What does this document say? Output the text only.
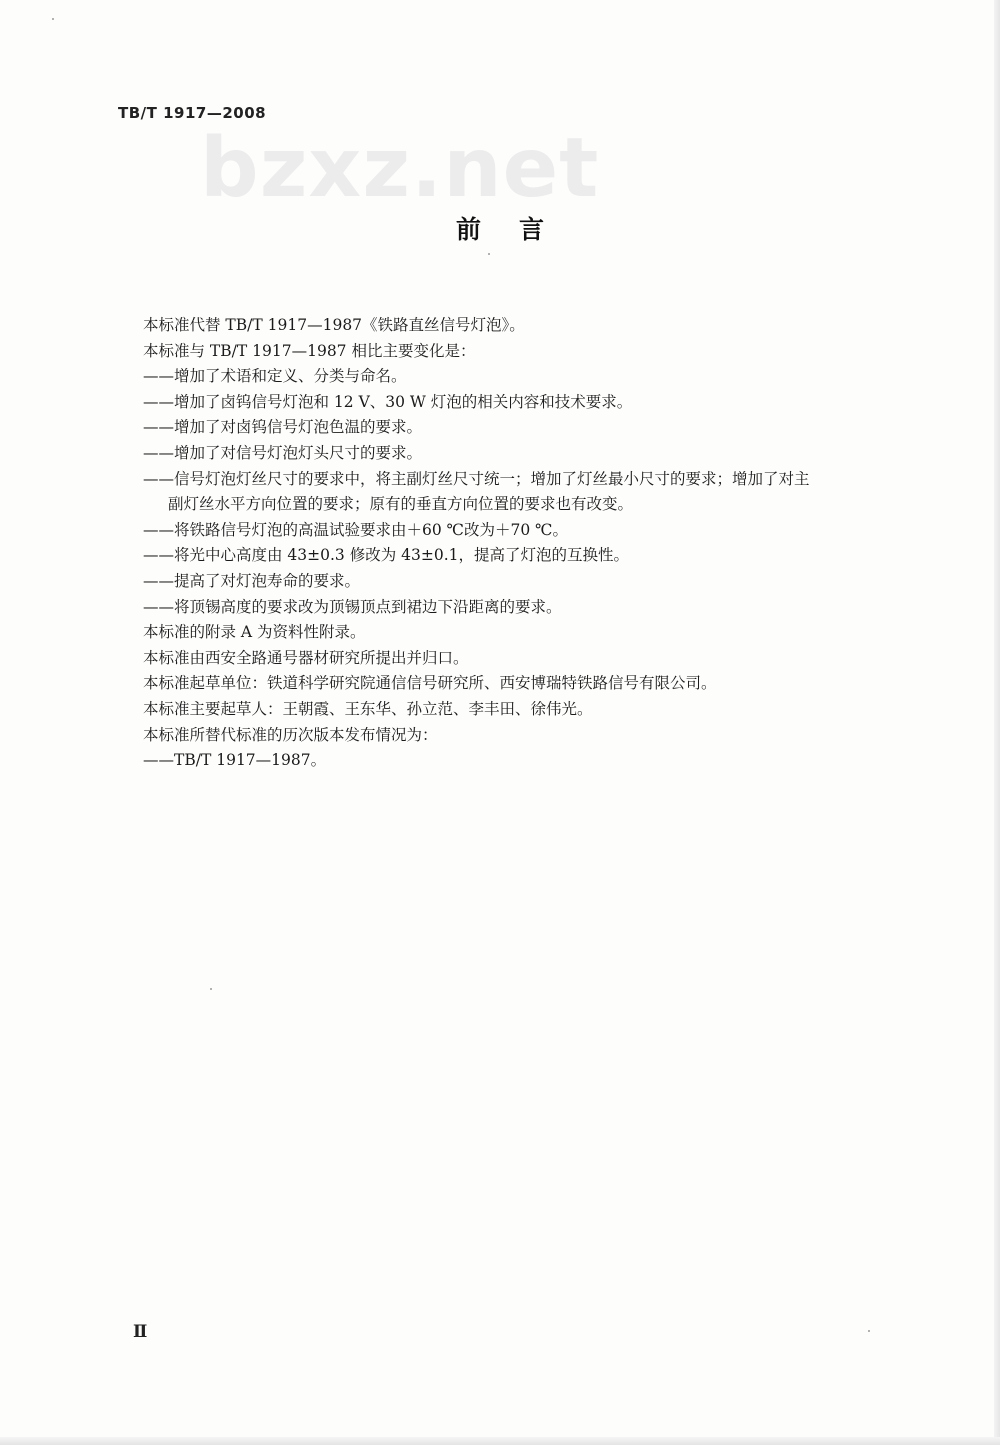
TB/T 1917—2008
bzxz.net
前言
本标准代替 TB/T 1917—1987《铁路直丝信号灯泡》。
本标准与 TB/T 1917—1987 相比主要变化是：
——增加了术语和定义、分类与命名。
——增加了卤钨信号灯泡和 12 V、30 W 灯泡的相关内容和技术要求。
——增加了对卤钨信号灯泡色温的要求。
——增加了对信号灯泡灯头尺寸的要求。
——信号灯泡灯丝尺寸的要求中，将主副灯丝尺寸统一；增加了灯丝最小尺寸的要求；增加了对主
副灯丝水平方向位置的要求；原有的垂直方向位置的要求也有改变。
——将铁路信号灯泡的高温试验要求由＋60 ℃改为＋70 ℃。
——将光中心高度由 43±0.3 修改为 43±0.1，提高了灯泡的互换性。
——提高了对灯泡寿命的要求。
——将顶锡高度的要求改为顶锡顶点到裙边下沿距离的要求。
本标准的附录 A 为资料性附录。
本标准由西安全路通号器材研究所提出并归口。
本标准起草单位：铁道科学研究院通信信号研究所、西安博瑞特铁路信号有限公司。
本标准主要起草人：王朝霞、王东华、孙立范、李丰田、徐伟光。
本标准所替代标准的历次版本发布情况为：
——TB/T 1917—1987。
Ⅱ
